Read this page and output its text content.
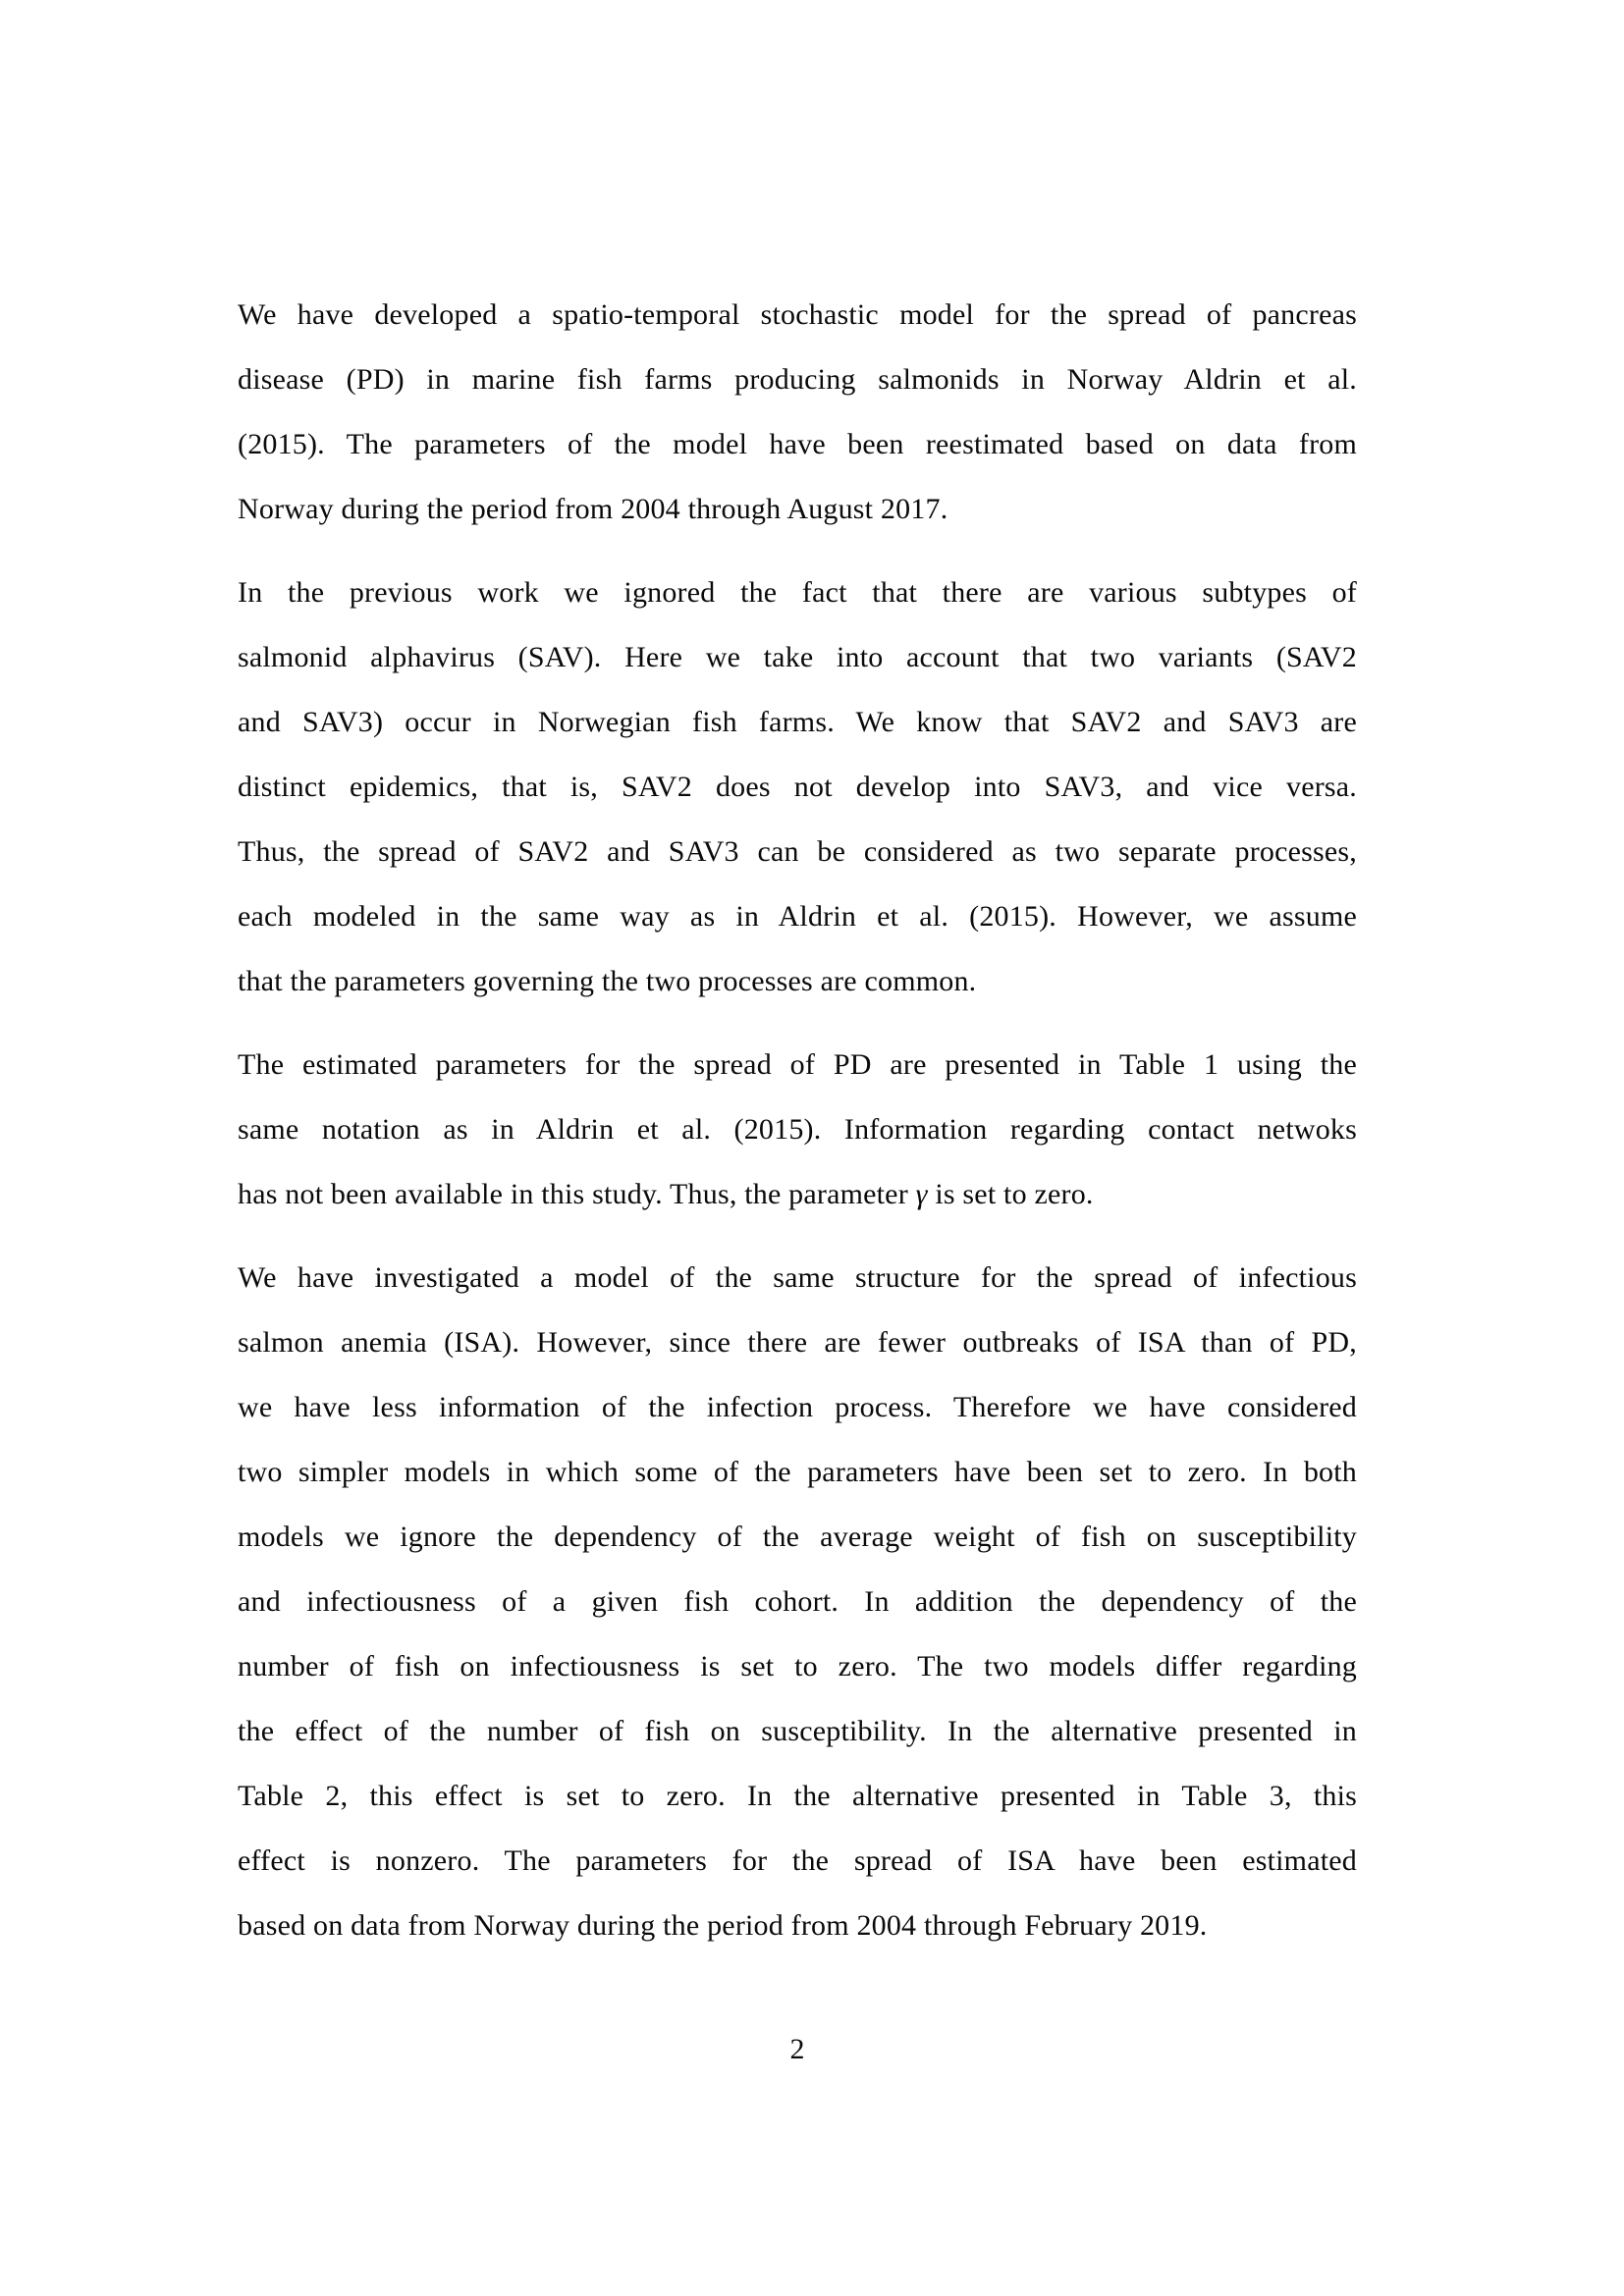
We have developed a spatio-temporal stochastic model for the spread of pancreas
disease (PD) in marine fish farms producing salmonids in Norway Aldrin et al.
(2015). The parameters of the model have been reestimated based on data from
Norway during the period from 2004 through August 2017.
In the previous work we ignored the fact that there are various subtypes of
salmonid alphavirus (SAV). Here we take into account that two variants (SAV2
and SAV3) occur in Norwegian fish farms. We know that SAV2 and SAV3 are
distinct epidemics, that is, SAV2 does not develop into SAV3, and vice versa.
Thus, the spread of SAV2 and SAV3 can be considered as two separate processes,
each modeled in the same way as in Aldrin et al. (2015). However, we assume
that the parameters governing the two processes are common.
The estimated parameters for the spread of PD are presented in Table 1 using the
same notation as in Aldrin et al. (2015). Information regarding contact netwoks
has not been available in this study. Thus, the parameter γ is set to zero.
We have investigated a model of the same structure for the spread of infectious
salmon anemia (ISA). However, since there are fewer outbreaks of ISA than of PD,
we have less information of the infection process. Therefore we have considered
two simpler models in which some of the parameters have been set to zero. In both
models we ignore the dependency of the average weight of fish on susceptibility
and infectiousness of a given fish cohort. In addition the dependency of the
number of fish on infectiousness is set to zero. The two models differ regarding
the effect of the number of fish on susceptibility. In the alternative presented in
Table 2, this effect is set to zero. In the alternative presented in Table 3, this
effect is nonzero. The parameters for the spread of ISA have been estimated
based on data from Norway during the period from 2004 through February 2019.
2
